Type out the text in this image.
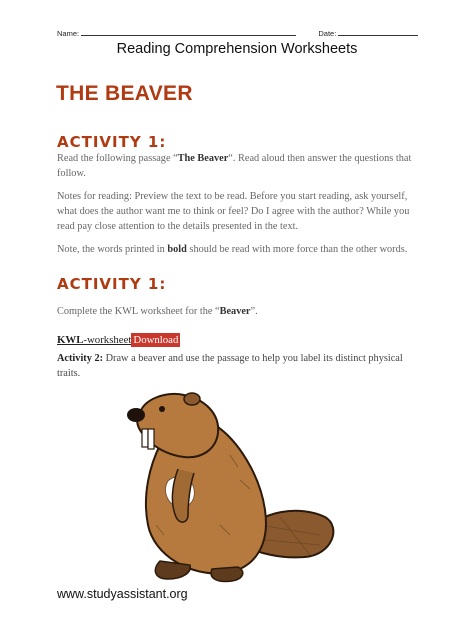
Name:	Date:
Reading Comprehension Worksheets
THE BEAVER
ACTIVITY 1:
Read the following passage “The Beaver“. Read aloud then answer the questions that follow.
Notes for reading: Preview the text to be read. Before you start reading, ask yourself, what does the author want me to think or feel? Do I agree with the author? While you read pay close attention to the details presented in the text.
Note, the words printed in bold should be read with more force than the other words.
ACTIVITY 1:
Complete the KWL worksheet for the “Beaver”.
KWL-worksheet Download
Activity 2: Draw a beaver and use the passage to help you label its distinct physical traits.
www.studyassistant.org
